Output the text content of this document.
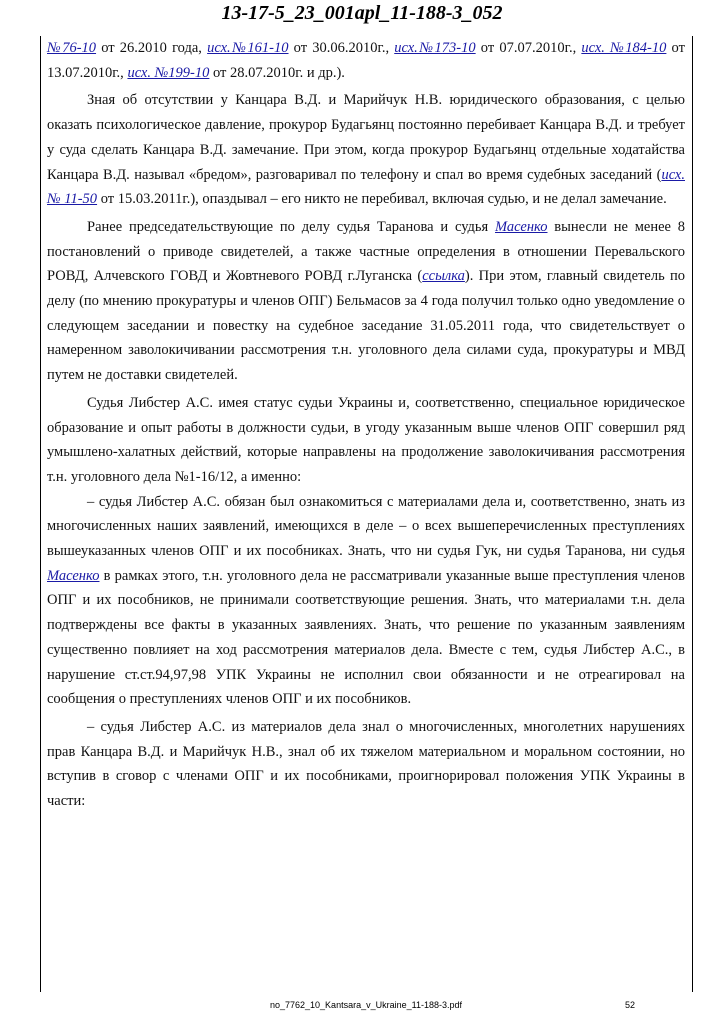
13-17-5_23_001apl_11-188-3_052

№76-10 от 26.2010 года, исх.№161-10 от 30.06.2010г., исх.№173-10 от 07.07.2010г., исх. №184-10 от 13.07.2010г., исх. №199-10 от 28.07.2010г. и др.).

Зная об отсутствии у Канцара В.Д. и Марийчук Н.В. юридического образования, с целью оказать психологическое давление, прокурор Будагьянц постоянно перебивает Канцара В.Д. и требует у суда сделать Канцара В.Д. замечание. При этом, когда прокурор Будагьянц отдельные ходатайства Канцара В.Д. называл «бредом», разговаривал по телефону и спал во время судебных заседаний (исх. № 11-50 от 15.03.2011г.), опаздывал – его никто не перебивал, включая судью, и не делал замечание.

Ранее председательствующие по делу судья Таранова и судья Масенко вынесли не менее 8 постановлений о приводе свидетелей, а также частные определения в отношении Перевальского РОВД, Алчевского ГОВД и Жовтневого РОВД г.Луганска (ссылка). При этом, главный свидетель по делу (по мнению прокуратуры и членов ОПГ) Бельмасов за 4 года получил только одно уведомление о следующем заседании и повестку на судебное заседание 31.05.2011 года, что свидетельствует о намеренном заволокичивании рассмотрения т.н. уголовного дела силами суда, прокуратуры и МВД путем не доставки свидетелей.

Судья Либстер А.С. имея статус судьи Украины и, соответственно, специальное юридическое образование и опыт работы в должности судьи, в угоду указанным выше членов ОПГ совершил ряд умышлено-халатных действий, которые направлены на продолжение заволокичивания рассмотрения т.н. уголовного дела №1-16/12, а именно:

– судья Либстер А.С. обязан был ознакомиться с материалами дела и, соответственно, знать из многочисленных наших заявлений, имеющихся в деле – о всех вышеперечисленных преступлениях вышеуказанных членов ОПГ и их пособниках. Знать, что ни судья Гук, ни судья Таранова, ни судья Масенко в рамках этого, т.н. уголовного дела не рассматривали указанные выше преступления членов ОПГ и их пособников, не принимали соответствующие решения. Знать, что материалами т.н. дела подтверждены все факты в указанных заявлениях. Знать, что решение по указанным заявлениям существенно повлияет на ход рассмотрения материалов дела. Вместе с тем, судья Либстер А.С., в нарушение ст.ст.94,97,98 УПК Украины не исполнил свои обязанности и не отреагировал на сообщения о преступлениях членов ОПГ и их пособников.

– судья Либстер А.С. из материалов дела знал о многочисленных, многолетних нарушениях прав Канцара В.Д. и Марийчук Н.В., знал об их тяжелом материальном и моральном состоянии, но вступив в сговор с членами ОПГ и их пособниками, проигнорировал положения УПК Украины в части:

no_7762_10_Kantsara_v_Ukraine_11-188-3.pdf	52
